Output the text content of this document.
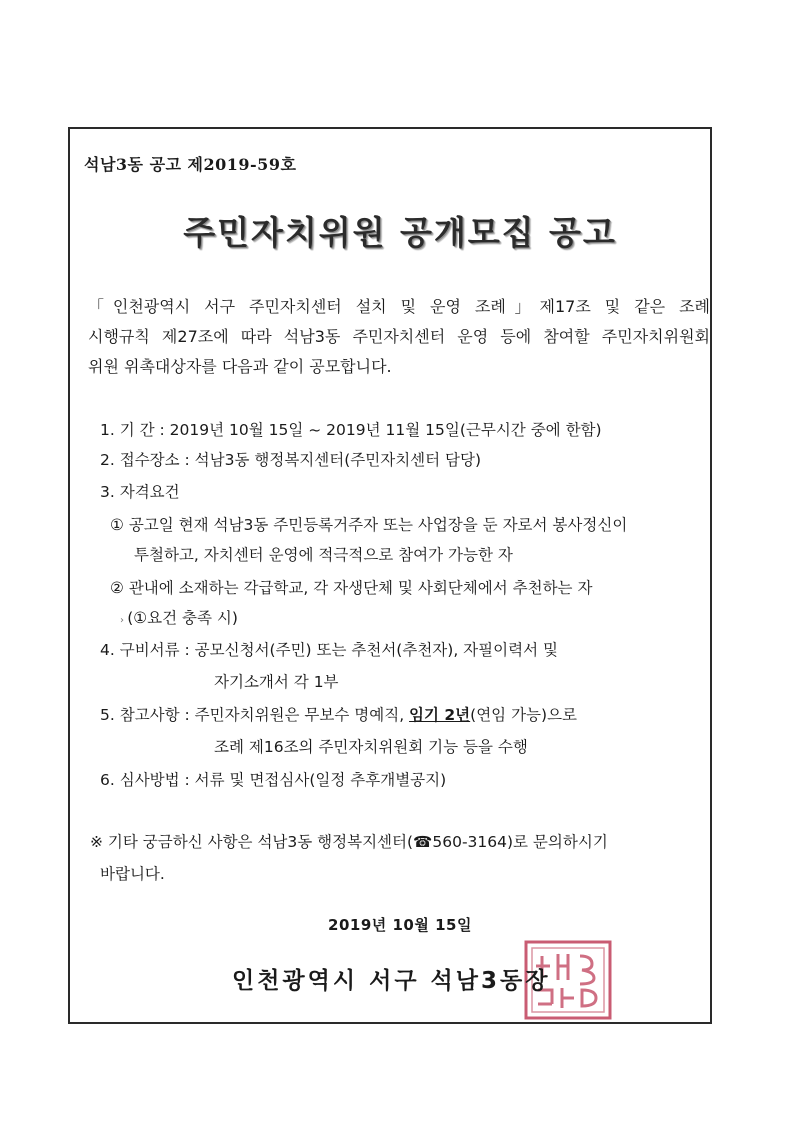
석남3동 공고 제2019-59호
주민자치위원 공개모집 공고
「인천광역시 서구 주민자치센터 설치 및 운영 조례」제17조 및 같은 조례
시행규칙 제27조에 따라 석남3동 주민자치센터 운영 등에 참여할 주민자치위원회
위원 위촉대상자를 다음과 같이 공모합니다.
1. 기 간 : 2019년 10월 15일 ~ 2019년 11월 15일(근무시간 중에 한함)
2. 접수장소 : 석남3동 행정복지센터(주민자치센터 담당)
3. 자격요건
① 공고일 현재 석남3동 주민등록거주자 또는 사업장을 둔 자로서 봉사정신이
투철하고, 자치센터 운영에 적극적으로 참여가 가능한 자
② 관내에 소재하는 각급학교, 각 자생단체 및 사회단체에서 추천하는 자
› (①요건 충족 시)
4. 구비서류 : 공모신청서(주민) 또는 추천서(추천자), 자필이력서 및
자기소개서 각 1부
5. 참고사항 : 주민자치위원은 무보수 명예직, 임기 2년(연임 가능)으로
조례 제16조의 주민자치위원회 기능 등을 수행
6. 심사방법 : 서류 및 면접심사(일정 추후개별공지)
※ 기타 궁금하신 사항은 석남3동 행정복지센터(☎560-3164)로 문의하시기
바랍니다.
2019년 10월 15일
인천광역시 서구 석남3동장
